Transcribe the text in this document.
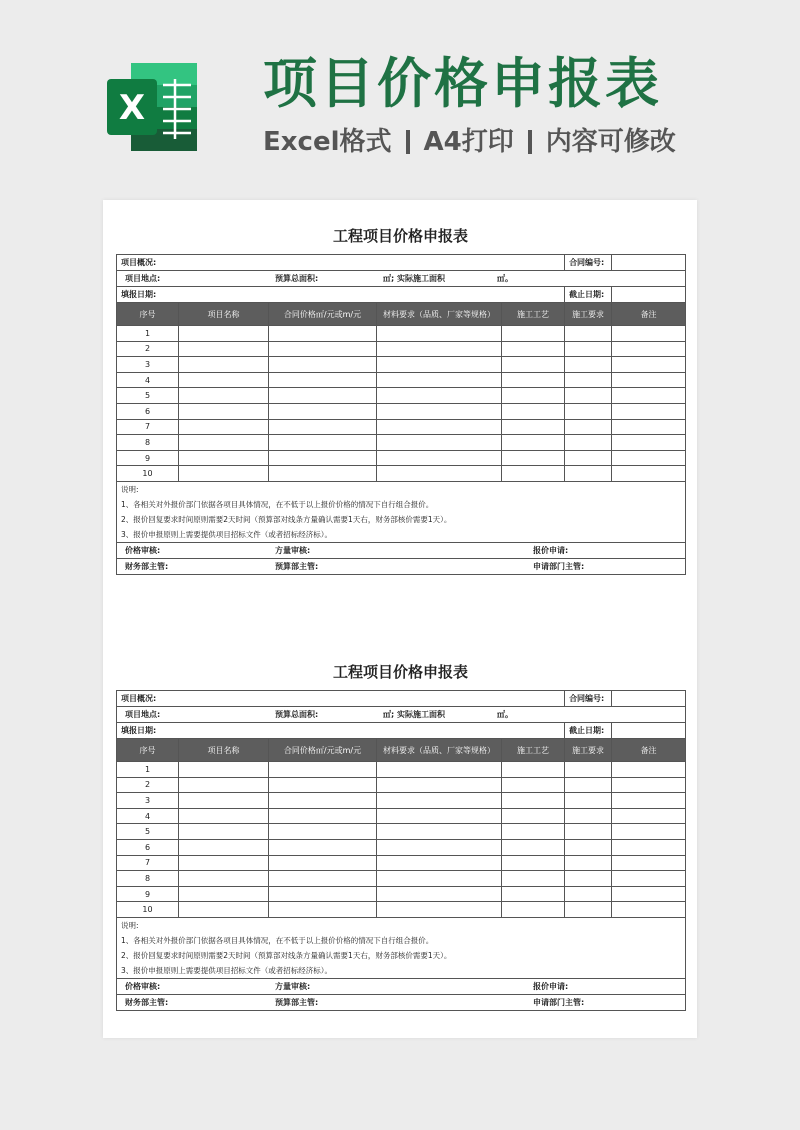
X 项目价格申报表
Excel格式 A4打印 内容可修改
工程项目价格申报表
项目概况:					合同编号:	
项目地点: 预算总面积: ㎡; 实际施工面积 ㎡。						
填报日期:					截止日期:	
序号	项目名称	合同价格㎡/元或m/元	材料要求（品质、厂家等规格）	施工工艺	施工要求	备注
1						
2						
3						
4						
5						
6						
7						
8						
9						
10						
说明:						
1、各相关对外报价部门依据各项目具体情况，在不低于以上报价价格的情况下自行组合报价。						
2、报价回复要求时间原则需要2天时间（预算部对线条方量确认需要1天右，财务部核价需要1天）。						
3、报价申报原则上需要提供项目招标文件（或者招标经济标）。						
价格审核: 方量审核: 报价申请:						
财务部主管: 预算部主管: 申请部门主管:						
工程项目价格申报表
项目概况:					合同编号:	
项目地点: 预算总面积: ㎡; 实际施工面积 ㎡。						
填报日期:					截止日期:	
序号	项目名称	合同价格㎡/元或m/元	材料要求（品质、厂家等规格）	施工工艺	施工要求	备注
1						
2						
3						
4						
5						
6						
7						
8						
9						
10						
说明:						
1、各相关对外报价部门依据各项目具体情况，在不低于以上报价价格的情况下自行组合报价。						
2、报价回复要求时间原则需要2天时间（预算部对线条方量确认需要1天右，财务部核价需要1天）。						
3、报价申报原则上需要提供项目招标文件（或者招标经济标）。						
价格审核: 方量审核: 报价申请:						
财务部主管: 预算部主管: 申请部门主管:						
